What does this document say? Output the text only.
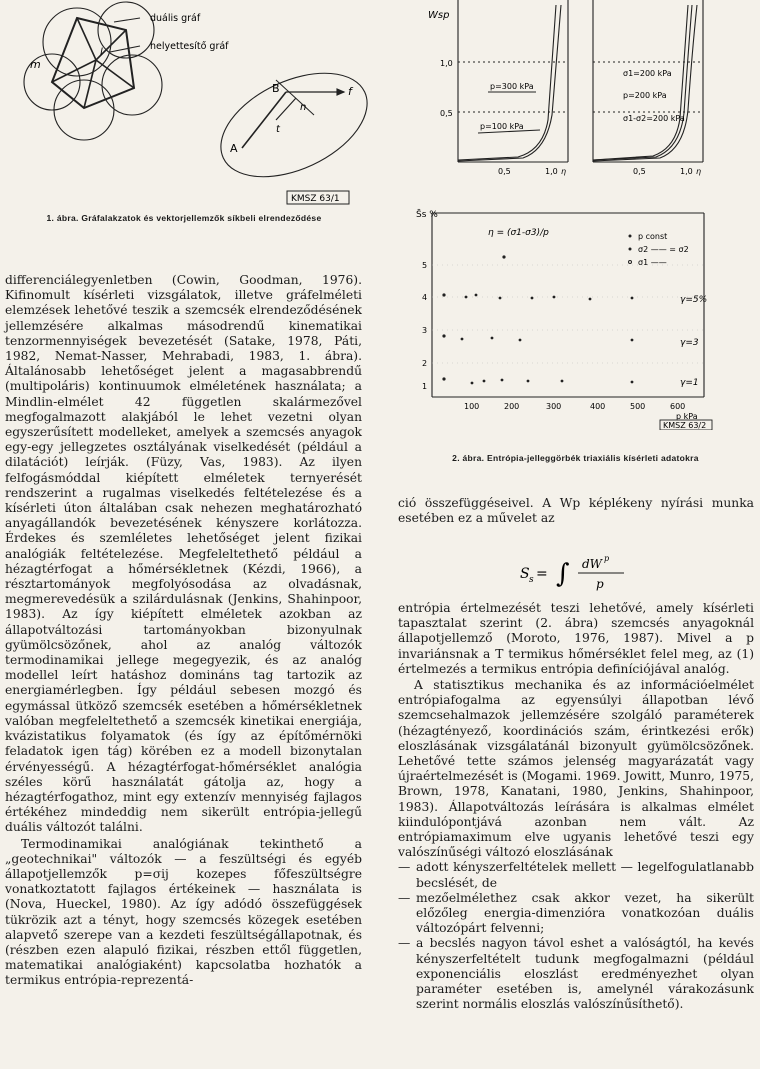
duális gráf
helyettesítő gráf
m
l
A
B	f
t
n
KMSZ 63/1
1. ábra. Gráfalakzatok és vektorjellemzők síkbeli elrendeződése
Wsp
1,0
0,5
p=300 kPa
p=100 kPa
σ1=200 kPa
p=200 kPa
σ1-σ2=200 kPa
0,5	1,0 η	0,5	1,0 η
S̄s %
η = (σ1-σ3)/p	p const
σ2 —— = σ2
σ1 ——
5
4
3
2
1
γ=5%
γ=3
γ=1
100	200	300	400	500	600
p kPa
KMSZ 63/2
2. ábra. Entrópia-jelleggörbék triaxiális kísérleti adatokra

differenciálegyenletben (Cowin, Goodman, 1976). Kifinomult kísérleti vizsgálatok, illetve gráfelméleti elemzések lehetővé teszik a szemcsék elrendeződésének jellemzésére alkalmas másodrendű kinematikai tenzormennyiségek bevezetését (Satake, 1978, Páti, 1982, Nemat-Nasser, Mehrabadi, 1983, 1. ábra). Általánosabb lehetőséget jelent a magasabbrendű (multipoláris) kontinuumok elméletének használata; a Mindlin-elmélet 42 független skalármezővel megfogalmazott alakjából le lehet vezetni olyan egyszerűsített modelleket, amelyek a szemcsés anyagok egy-egy jellegzetes osztályának viselkedését (például a dilatációt) leírják. (Füzy, Vas, 1983). Az ilyen felfogásmóddal kiépített elméletek ternyerését rendszerint a rugalmas viselkedés feltételezése és a kísérleti úton általában csak nehezen meghatározható anyagállandók bevezetésének kényszere korlátozza. Érdekes és szemléletes lehetőséget jelent fizikai analógiák feltételezése. Megfeleltethető például a hézagtérfogat a hőmérsékletnek (Kézdi, 1966), a résztartományok megfolyósodása az olvadásnak, megmerevedésük a szilárdulásnak (Jenkins, Shahinpoor, 1983). Az így kiépített elméletek azokban az állapotváltozási tartományokban bizonyulnak gyümölcsözőnek, ahol az analóg változók termodinamikai jellege megegyezik, és az analóg modellel leírt hatáshoz domináns tag tartozik az energiamérlegben. Így például sebesen mozgó és egymással ütköző szemcsék esetében a hőmérsékletnek valóban megfeleltethető a szemcsék kinetikai energiája, kvázistatikus folyamatok (és így az építőmérnöki feladatok igen tág) körében ez a modell bizonytalan érvényességű. A hézagtérfogat-hőmérséklet analógia széles körű használatát gátolja az, hogy a hézagtérfogathoz, mint egy extenzív mennyiség fajlagos értékéhez mindeddig nem sikerült entrópia-jellegű duális változót találni.

Termodinamikai analógiának tekinthető a „geotechnikai" változók — a feszültségi és egyéb állapotjellemzők p=σij kozepes főfeszültségre vonatkoztatott fajlagos értékeinek — használata is (Nova, Hueckel, 1980). Az így adódó összefüggések tükrözik azt a tényt, hogy szemcsés közegek esetében alapvető szerepe van a kezdeti feszültségállapotnak, és (részben ezen alapuló fizikai, részben ettől független, matematikai analógiaként) kapcsolatba hozhatók a termikus entrópia-reprezentá-

ció összefüggéseivel. A Wp képlékeny nyírási munka esetében ez a művelet az

S s = ∫ dW p
p

entrópia értelmezését teszi lehetővé, amely kísérleti tapasztalat szerint (2. ábra) szemcsés anyagoknál állapotjellemző (Moroto, 1976, 1987). Mivel a p invariánsnak a T termikus hőmérséklet felel meg, az (1) értelmezés a termikus entrópia definíciójával analóg.

A statisztikus mechanika és az információelmélet entrópiafogalma az egyensúlyi állapotban lévő szemcsehalmazok jellemzésére szolgáló paraméterek (hézagtényező, koordinációs szám, érintkezési erők) eloszlásának vizsgálatánál bizonyult gyümölcsözőnek. Lehetővé tette számos jelenség magyarázatát vagy újraértelmezését is (Mogami. 1969. Jowitt, Munro, 1975, Brown, 1978, Kanatani, 1980, Jenkins, Shahinpoor, 1983). Állapotváltozás leírására is alkalmas elmélet kiindulópontjává azonban nem vált. Az entrópiamaximum elve ugyanis lehetővé teszi egy valószínűségi változó eloszlásának

— adott kényszerfeltételek mellett — legelfogulatlanabb becslését, de
— mezőelmélethez csak akkor vezet, ha sikerült előzőleg energia-dimenzióra vonatkozóan duális változópárt felvenni;
— a becslés nagyon távol eshet a valóságtól, ha kevés kényszerfeltételt tudunk megfogalmazni (például exponenciális eloszlást eredményezhet olyan paraméter esetében is, amelynél várakozásunk szerint normális eloszlás valószínűsíthető).
